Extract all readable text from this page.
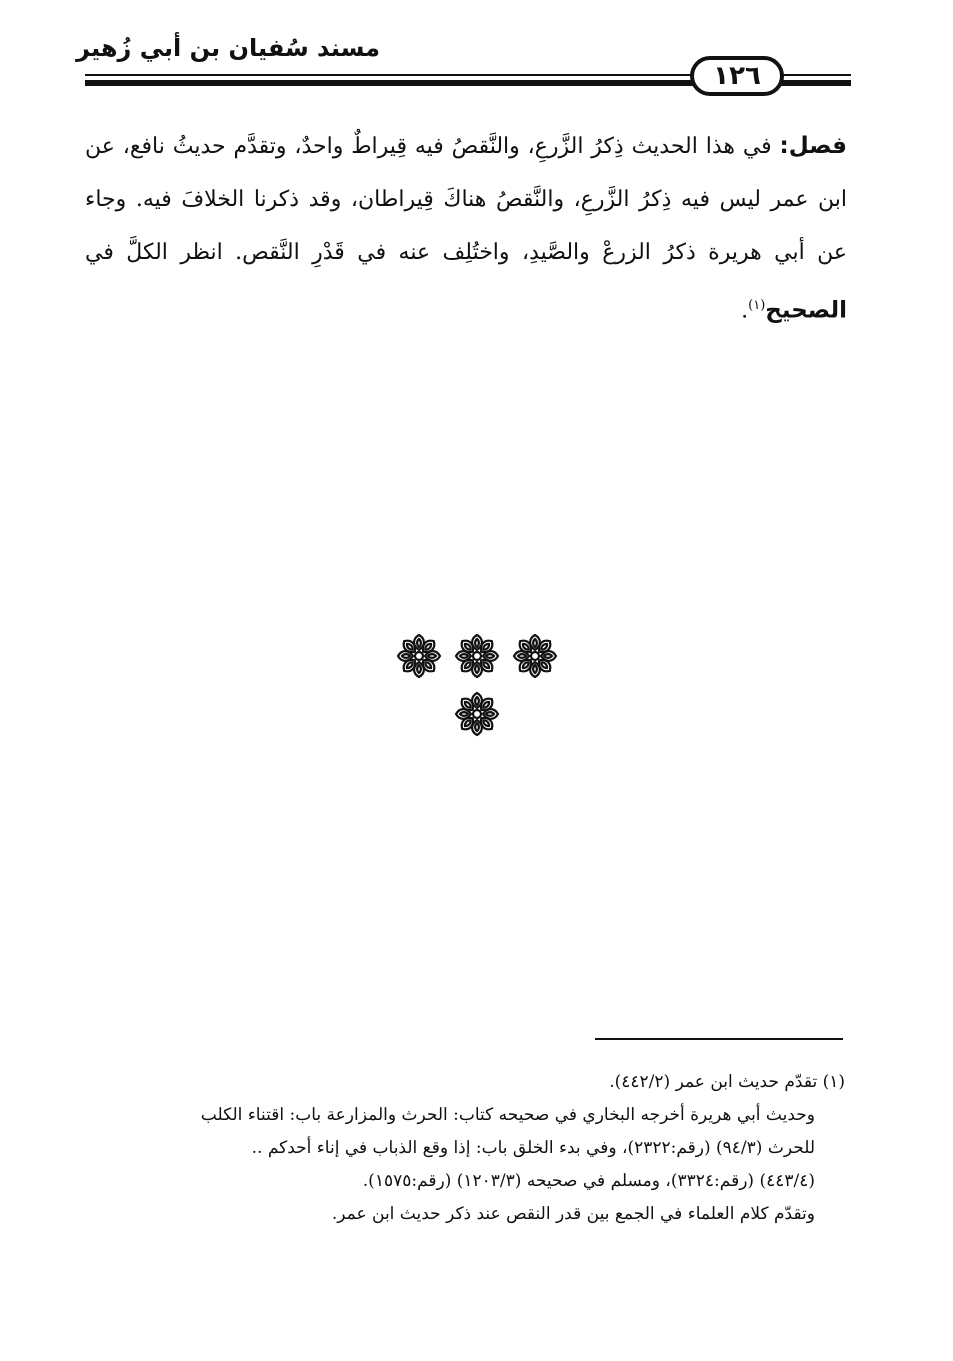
مسند سُفيان بن أبي زُهير
١٢٦
فصل: في هذا الحديث ذِكرُ الزَّرعِ، والنَّقصُ فيه قِيراطٌ واحدٌ، وتقدَّم حديثُ نافع، عن ابن عمر ليس فيه ذِكرُ الزَّرعِ، والنَّقصُ هناكَ قِيراطان، وقد ذكرنا الخلافَ فيه. وجاء عن أبي هريرة ذكرُ الزرعْ والصَّيدِ، واختُلِف عنه في قَدْرِ النَّقص. انظر الكلَّ في الصحيح$^{(١)}$.
(١) تقدّم حديث ابن عمر (٤٤٢/٢).
وحديث أبي هريرة أخرجه البخاري في صحيحه كتاب: الحرث والمزارعة باب: اقتناء الكلب
للحرث (٩٤/٣) (رقم:٢٣٢٢)، وفي بدء الخلق باب: إذا وقع الذباب في إناء أحدكم ..
(٤٤٣/٤) (رقم:٣٣٢٤)، ومسلم في صحيحه (١٢٠٣/٣) (رقم:١٥٧٥).
وتقدّم كلام العلماء في الجمع بين قدر النقص عند ذكر حديث ابن عمر.
